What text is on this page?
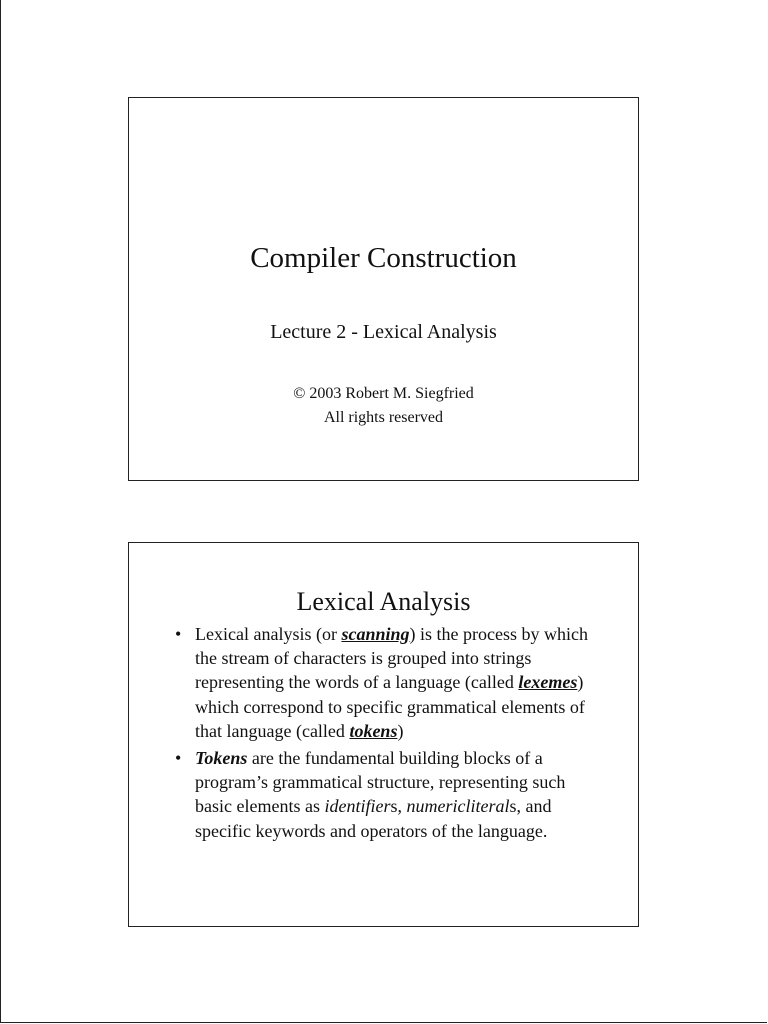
Compiler Construction
Lecture 2 - Lexical Analysis
© 2003 Robert M. Siegfried
All rights reserved
Lexical Analysis
• Lexical analysis (or scanning) is the process by which the stream of characters is grouped into strings representing the words of a language (called lexemes) which correspond to specific grammatical elements of that language (called tokens)
• Tokens are the fundamental building blocks of a program’s grammatical structure, representing such basic elements as identifiers, numericliterals, and specific keywords and operators of the language.
